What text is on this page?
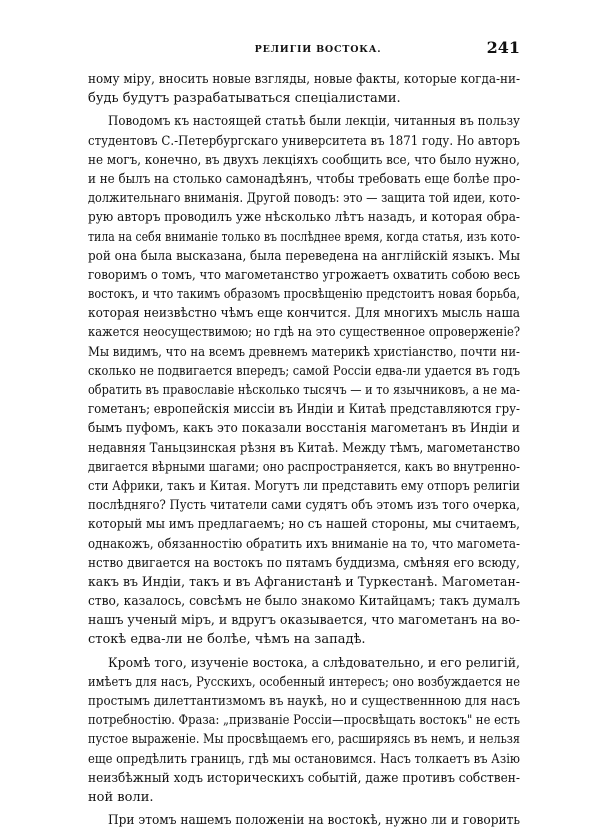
РЕЛИГІИ ВОСТОКА.	241
ному міру, вносить новые взгляды, новые факты, которые когда-ни-
будь будутъ разрабатываться спеціалистами.
Поводомъ къ настоящей статьѣ были лекціи, читанныя въ пользу
студентовъ С.-Петербургскаго университета въ 1871 году. Но авторъ
не могъ, конечно, въ двухъ лекціяхъ сообщить все, что было нужно,
и не былъ на столько самонадѣянъ, чтобы требовать еще болѣе про-
должительнаго вниманія. Другой поводъ: это — защита той идеи, кото-
рую авторъ проводилъ уже нѣсколько лѣтъ назадъ, и которая обра-
тила на себя вниманіе только въ послѣднее время, когда статья, изъ кото-
рой она была высказана, была переведена на англійскій языкъ. Мы
говоримъ о томъ, что магометанство угрожаетъ охватить собою весь
востокъ, и что такимъ образомъ просвѣщенію предстоитъ новая борьба,
которая неизвѣстно чѣмъ еще кончится. Для многихъ мысль наша
кажется неосуществимою; но гдѣ на это существенное опроверженіе?
Мы видимъ, что на всемъ древнемъ материкѣ христіанство, почти ни-
сколько не подвигается впередъ; самой Россіи едва-ли удается въ годъ
обратить въ православіе нѣсколько тысячъ — и то язычниковъ, а не ма-
гометанъ; европейскія миссіи въ Индіи и Китаѣ представляются гру-
бымъ пуфомъ, какъ это показали восстанія магометанъ въ Индіи и
недавняя Таньцзинская рѣзня въ Китаѣ. Между тѣмъ, магометанство
двигается вѣрными шагами; оно распространяется, какъ во внутренно-
сти Африки, такъ и Китая. Могутъ ли представить ему отпоръ религіи
послѣдняго? Пусть читатели сами судятъ объ этомъ изъ того очерка,
который мы имъ предлагаемъ; но съ нашей стороны, мы считаемъ,
однакожъ, обязанностію обратить ихъ вниманіе на то, что магомета-
нство двигается на востокъ по пятамъ буддизма, смѣняя его всюду,
какъ въ Индіи, такъ и въ Афганистанѣ и Туркестанѣ. Магометан-
ство, казалось, совсѣмъ не было знакомо Китайцамъ; такъ думалъ
нашъ ученый міръ, и вдругъ оказывается, что магометанъ на во-
стокѣ едва-ли не болѣе, чѣмъ на западѣ.
Кромѣ того, изученіе востока, а слѣдовательно, и его религій,
имѣетъ для насъ, Русскихъ, особенный интересъ; оно возбуждается не
простымъ дилеттантизмомъ въ наукѣ, но и существеннною для насъ
потребностію. Фраза: „призваніе Россіи—просвѣщать востокъ" не есть
пустое выраженіе. Мы просвѣщаемъ его, расширяясь въ немъ, и нельзя
еще опредѣлить границъ, гдѣ мы остановимся. Насъ толкаетъ въ Азію
неизбѣжный ходъ историческихъ событій, даже противъ собствен-
ной воли.
При этомъ нашемъ положеніи на востокѣ, нужно ли и говорить
